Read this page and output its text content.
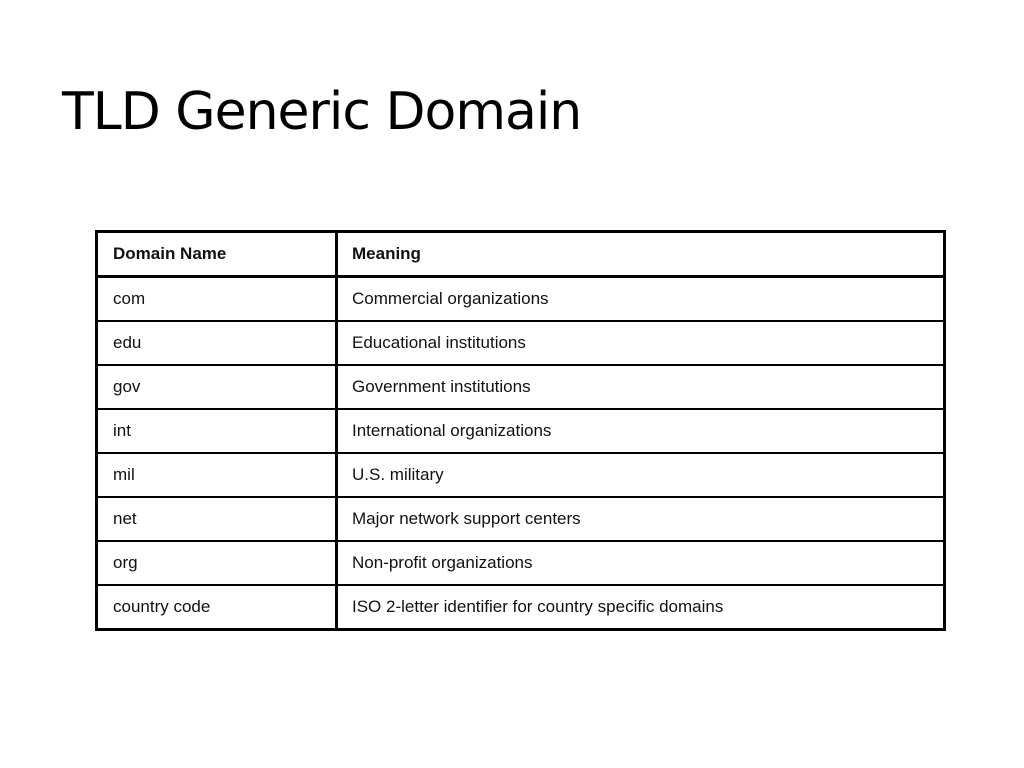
TLD Generic Domain
Domain Name	Meaning
com	Commercial organizations
edu	Educational institutions
gov	Government institutions
int	International organizations
mil	U.S. military
net	Major network support centers
org	Non-profit organizations
country code	ISO 2-letter identifier for country specific domains
